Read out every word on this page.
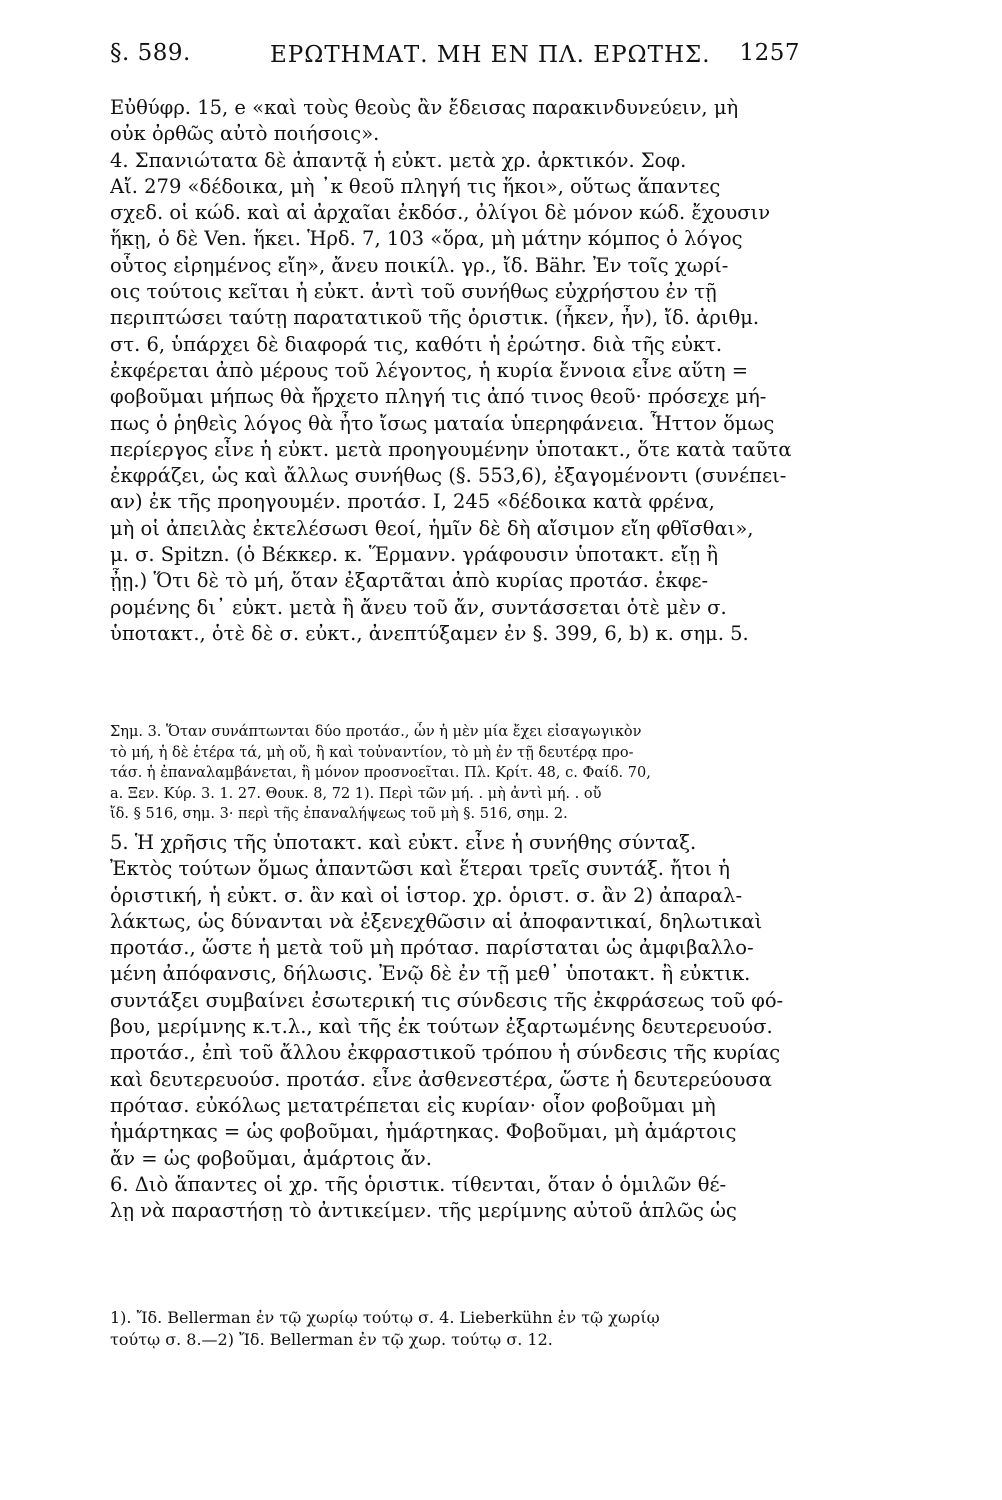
§. 589.	ΕΡΩΤΗΜΑΤ. ΜΗ ΕΝ ΠΛ. ΕΡΩΤΗΣ. 1257
Εὐθύφρ. 15, e «καὶ τοὺς θεοὺς ἂν ἔδεισας παρακινδυνεύειν, μὴ
οὐκ ὀρθῶς αὐτὸ ποιήσοις».
4. Σπανιώτατα δὲ ἀπαντᾷ ἡ εὐκτ. μετὰ χρ. ἀρκτικόν. Σοφ.
Αἴ. 279 «δέδοικα, μὴ ᾽κ θεοῦ πληγή τις ἥκοι», οὕτως ἅπαντες
σχεδ. οἱ κώδ. καὶ αἱ ἀρχαῖαι ἐκδόσ., ὀλίγοι δὲ μόνον κώδ. ἔχουσιν
ἥκῃ, ὁ δὲ Ven. ἥκει. Ἡρδ. 7, 103 «ὅρα, μὴ μάτην κόμπος ὁ λόγος
οὗτος εἰρημένος εἴη», ἄνευ ποικίλ. γρ., ἴδ. Bähr. Ἐν τοῖς χωρί-
οις τούτοις κεῖται ἡ εὐκτ. ἀντὶ τοῦ συνήθως εὐχρήστου ἐν τῇ
περιπτώσει ταύτῃ παρατατικοῦ τῆς ὁριστικ. (ἦκεν, ἦν), ἴδ. ἀριθμ.
στ. 6, ὑπάρχει δὲ διαφορά τις, καθότι ἡ ἐρώτησ. διὰ τῆς εὐκτ.
ἐκφέρεται ἀπὸ μέρους τοῦ λέγοντος, ἡ κυρία ἔννοια εἶνε αὕτη =
φοβοῦμαι μήπως θὰ ἤρχετο πληγή τις ἀπό τινος θεοῦ· πρόσεχε μή-
πως ὁ ῥηθεὶς λόγος θὰ ἦτο ἴσως ματαία ὑπερηφάνεια. Ἧττον ὅμως
περίεργος εἶνε ἡ εὐκτ. μετὰ προηγουμένην ὑποτακτ., ὅτε κατὰ ταῦτα
ἐκφράζει, ὡς καὶ ἄλλως συνήθως (§. 553,6), ἐξαγομένοντι (συνέπει-
αν) ἐκ τῆς προηγουμέν. προτάσ. Ι, 245 «δέδοικα κατὰ φρένα,
μὴ οἱ ἀπειλὰς ἐκτελέσωσι θεοί, ἡμῖν δὲ δὴ αἴσιμον εἴη φθῖσθαι»,
μ. σ. Spitzn. (ὁ Βέκκερ. κ. Ἕρμανν. γράφουσιν ὑποτακτ. εἴῃ ἢ
ᾖῃ.) Ὅτι δὲ τὸ μή, ὅταν ἐξαρτᾶται ἀπὸ κυρίας προτάσ. ἐκφε-
ρομένης δι᾽ εὐκτ. μετὰ ἢ ἄνευ τοῦ ἄν, συντάσσεται ὁτὲ μὲν σ.
ὑποτακτ., ὁτὲ δὲ σ. εὐκτ., ἀνεπτύξαμεν ἐν §. 399, 6, b) κ. σημ. 5.
Σημ. 3. Ὅταν συνάπτωνται δύο προτάσ., ὧν ἡ μὲν μία ἔχει εἰσαγωγικὸν
τὸ μή, ἡ δὲ ἑτέρα τά, μὴ οὔ, ἢ καὶ τοὐναντίον, τὸ μὴ ἐν τῇ δευτέρᾳ προ-
τάσ. ἡ ἐπαναλαμβάνεται, ἢ μόνον προσνοεῖται. Πλ. Κρίτ. 48, c. Φαίδ. 70,
a. Ξεν. Κύρ. 3. 1. 27. Θουκ. 8, 72 1). Περὶ τῶν μή. . μὴ ἀντὶ μή. . οὔ
ἴδ. § 516, σημ. 3· περὶ τῆς ἐπαναλήψεως τοῦ μὴ §. 516, σημ. 2.
5. Ἡ χρῆσις τῆς ὑποτακτ. καὶ εὐκτ. εἶνε ἡ συνήθης σύνταξ.
Ἐκτὸς τούτων ὅμως ἀπαντῶσι καὶ ἕτεραι τρεῖς συντάξ. ἤτοι ἡ
ὁριστική, ἡ εὐκτ. σ. ἂν καὶ οἱ ἱστορ. χρ. ὁριστ. σ. ἂν 2) ἀπαραλ-
λάκτως, ὡς δύνανται νὰ ἐξενεχθῶσιν αἱ ἀποφαντικαί, δηλωτικαὶ
προτάσ., ὥστε ἡ μετὰ τοῦ μὴ πρότασ. παρίσταται ὡς ἀμφιβαλλο-
μένη ἀπόφανσις, δήλωσις. Ἐνῷ δὲ ἐν τῇ μεθ᾽ ὑποτακτ. ἢ εὐκτικ.
συντάξει συμβαίνει ἐσωτερική τις σύνδεσις τῆς ἐκφράσεως τοῦ φό-
βου, μερίμνης κ.τ.λ., καὶ τῆς ἐκ τούτων ἐξαρτωμένης δευτερευούσ.
προτάσ., ἐπὶ τοῦ ἄλλου ἐκφραστικοῦ τρόπου ἡ σύνδεσις τῆς κυρίας
καὶ δευτερευούσ. προτάσ. εἶνε ἀσθενεστέρα, ὥστε ἡ δευτερεύουσα
πρότασ. εὐκόλως μετατρέπεται εἰς κυρίαν· οἷον φοβοῦμαι μὴ
ἡμάρτηκας = ὡς φοβοῦμαι, ἡμάρτηκας. Φοβοῦμαι, μὴ ἁμάρτοις
ἄν = ὡς φοβοῦμαι, ἁμάρτοις ἄν.
6. Διὸ ἅπαντες οἱ χρ. τῆς ὁριστικ. τίθενται, ὅταν ὁ ὁμιλῶν θέ-
λῃ νὰ παραστήσῃ τὸ ἀντικείμεν. τῆς μερίμνης αὐτοῦ ἁπλῶς ὡς
1). Ἴδ. Bellerman ἐν τῷ χωρίῳ τούτῳ σ. 4. Lieberkühn ἐν τῷ χωρίῳ
τούτῳ σ. 8.—2) Ἴδ. Bellerman ἐν τῷ χωρ. τούτῳ σ. 12.
